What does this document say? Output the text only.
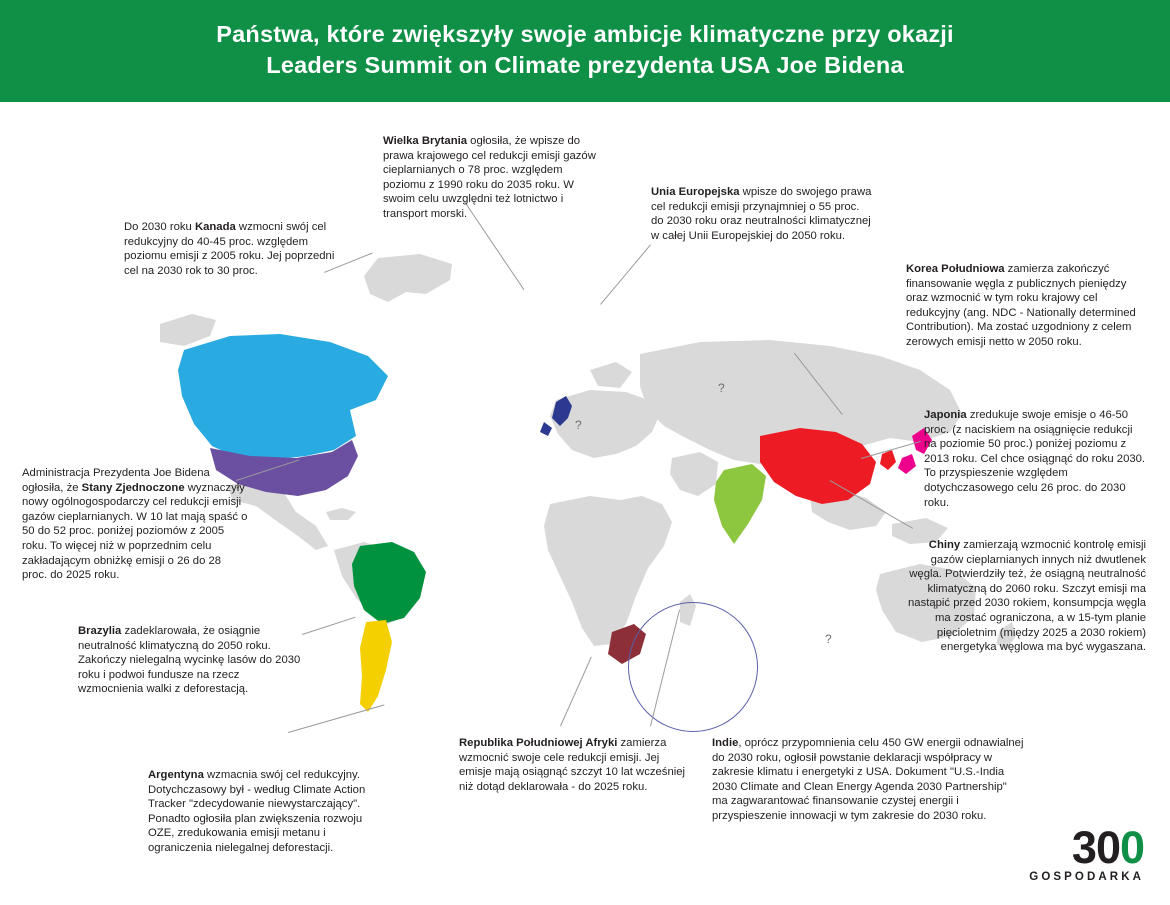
Państwa, które zwiększyły swoje ambicje klimatyczne przy okazji
Leaders Summit on Climate prezydenta USA Joe Bidena
?
?
?
Wielka Brytania ogłosiła, że wpisze do prawa krajowego cel redukcji emisji gazów cieplarnianych o 78 proc. względem poziomu z 1990 roku do 2035 roku. W swoim celu uwzględni też lotnictwo i transport morski.
Unia Europejska wpisze do swojego prawa cel redukcji emisji przynajmniej o 55 proc. do 2030 roku oraz neutralności klimatycznej w całej Unii Europejskiej do 2050 roku.
Do 2030 roku Kanada wzmocni swój cel redukcyjny do 40-45 proc. względem poziomu emisji z 2005 roku. Jej poprzedni cel na 2030 rok to 30 proc.	Korea Południowa zamierza zakończyć finansowanie węgla z publicznych pieniędzy oraz wzmocnić w tym roku krajowy cel redukcyjny (ang. NDC - Nationally determined Contribution). Ma zostać uzgodniony z celem zerowych emisji netto w 2050 roku.
Japonia zredukuje swoje emisje o 46-50 proc. (z naciskiem na osiągnięcie redukcji na poziomie 50 proc.) poniżej poziomu z 2013 roku. Cel chce osiągnąć do roku 2030. To przyspieszenie względem dotychczasowego celu 26 proc. do 2030 roku.
Chiny zamierzają wzmocnić kontrolę emisji gazów cieplarnianych innych niż dwutlenek węgla. Potwierdziły też, że osiągną neutralność klimatyczną do 2060 roku. Szczyt emisji ma nastąpić przed 2030 rokiem, konsumpcja węgla ma zostać ograniczona, a w 15-tym planie pięcioletnim (między 2025 a 2030 rokiem) energetyka węglowa ma być wygaszana.
Administracja Prezydenta Joe Bidena ogłosiła, że Stany Zjednoczone wyznaczyły nowy ogólnogospodarczy cel redukcji emisji gazów cieplarnianych. W 10 lat mają spaść o 50 do 52 proc. poniżej poziomów z 2005 roku. To więcej niż w poprzednim celu zakładającym obniżkę emisji o 26 do 28 proc. do 2025 roku.
Brazylia zadeklarowała, że osiągnie neutralność klimatyczną do 2050 roku. Zakończy nielegalną wycinkę lasów do 2030 roku i podwoi fundusze na rzecz wzmocnienia walki z deforestacją.
Argentyna wzmacnia swój cel redukcyjny. Dotychczasowy był - według Climate Action Tracker "zdecydowanie niewystarczający". Ponadto ogłosiła plan zwiększenia rozwoju OZE, zredukowania emisji metanu i ograniczenia nielegalnej deforestacji.
Republika Południowej Afryki zamierza wzmocnić swoje cele redukcji emisji. Jej emisje mają osiągnąć szczyt 10 lat wcześniej niż dotąd deklarowała - do 2025 roku.
Indie, oprócz przypomnienia celu 450 GW energii odnawialnej do 2030 roku, ogłosił powstanie deklaracji współpracy w zakresie klimatu i energetyki z USA. Dokument "U.S.-India 2030 Climate and Clean Energy Agenda 2030 Partnership" ma zagwarantować finansowanie czystej energii i przyspieszenie innowacji w tym zakresie do 2030 roku.
300
GOSPODARKA
